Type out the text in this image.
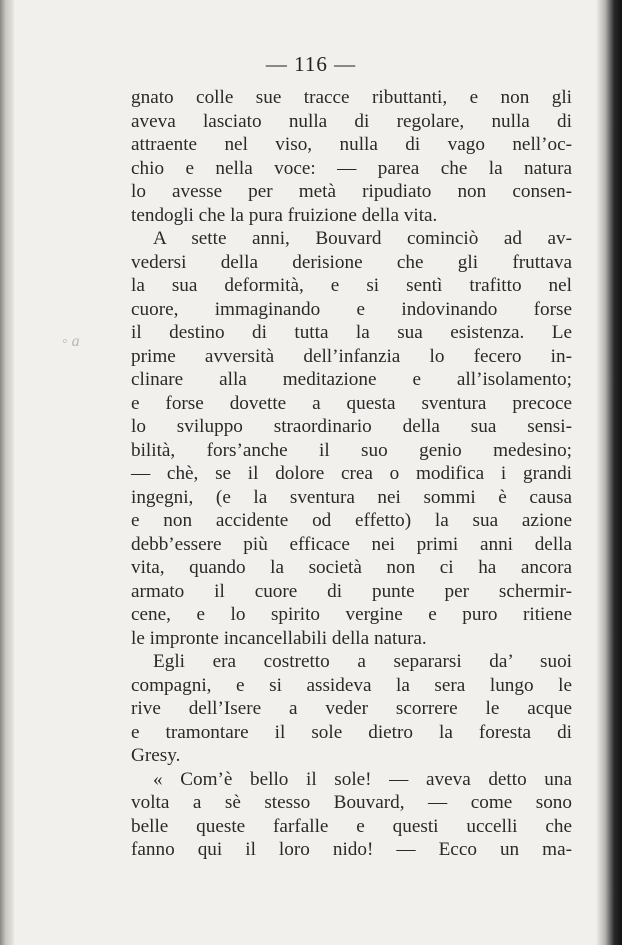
— 116 —
◦ a
gnato colle sue tracce ributtanti, e non gli
aveva lasciato nulla di regolare, nulla di
attraente nel viso, nulla di vago nell’oc-
chio e nella voce: — parea che la natura
lo avesse per metà ripudiato non consen-
tendogli che la pura fruizione della vita.
A sette anni, Bouvard cominciò ad av-
vedersi della derisione che gli fruttava
la sua deformità, e si sentì trafitto nel
cuore, immaginando e indovinando forse
il destino di tutta la sua esistenza. Le
prime avversità dell’infanzia lo fecero in-
clinare alla meditazione e all’isolamento;
e forse dovette a questa sventura precoce
lo sviluppo straordinario della sua sensi-
bilità, fors’anche il suo genio medesino;
— chè, se il dolore crea o modifica i grandi
ingegni, (e la sventura nei sommi è causa
e non accidente od effetto) la sua azione
debb’essere più efficace nei primi anni della
vita, quando la società non ci ha ancora
armato il cuore di punte per schermir-
cene, e lo spirito vergine e puro ritiene
le impronte incancellabili della natura.
Egli era costretto a separarsi da’ suoi
compagni, e si assideva la sera lungo le
rive dell’Isere a veder scorrere le acque
e tramontare il sole dietro la foresta di
Gresy.
« Com’è bello il sole! — aveva detto una
volta a sè stesso Bouvard, — come sono
belle queste farfalle e questi uccelli che
fanno qui il loro nido! — Ecco un ma-
